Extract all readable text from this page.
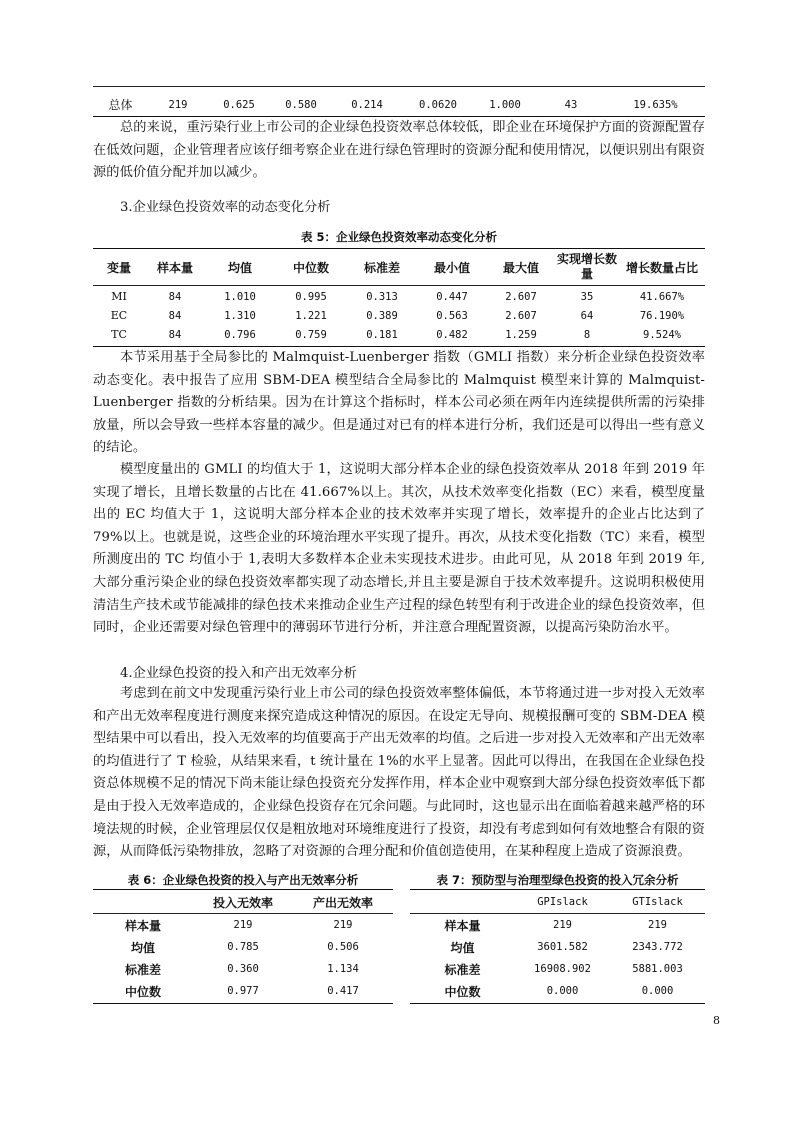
总体	219	0.625	0.580	0.214	0.0620	1.000	43	19.635%

总的来说，重污染行业上市公司的企业绿色投资效率总体较低，即企业在环境保护方面的资源配置存在低效问题，企业管理者应该仔细考察企业在进行绿色管理时的资源分配和使用情况，以便识别出有限资源的低价值分配并加以减少。

3.企业绿色投资效率的动态变化分析
表 5：企业绿色投资效率动态变化分析
变量	样本量	均值	中位数	标准差	最小值	最大值	实现增长数量	增长数量占比
MI	84	1.010	0.995	0.313	0.447	2.607	35	41.667%
EC	84	1.310	1.221	0.389	0.563	2.607	64	76.190%
TC	84	0.796	0.759	0.181	0.482	1.259	8	9.524%

本节采用基于全局参比的 Malmquist-Luenberger 指数（GMLI 指数）来分析企业绿色投资效率动态变化。表中报告了应用 SBM-DEA 模型结合全局参比的 Malmquist 模型来计算的 Malmquist-Luenberger 指数的分析结果。因为在计算这个指标时，样本公司必须在两年内连续提供所需的污染排放量，所以会导致一些样本容量的减少。但是通过对已有的样本进行分析，我们还是可以得出一些有意义的结论。

模型度量出的 GMLI 的均值大于 1，这说明大部分样本企业的绿色投资效率从 2018 年到 2019 年实现了增长，且增长数量的占比在 41.667%以上。其次，从技术效率变化指数（EC）来看，模型度量出的 EC 均值大于 1，这说明大部分样本企业的技术效率并实现了增长，效率提升的企业占比达到了 79%以上。也就是说，这些企业的环境治理水平实现了提升。再次，从技术变化指数（TC）来看，模型所测度出的 TC 均值小于 1,表明大多数样本企业未实现技术进步。由此可见，从 2018 年到 2019 年,大部分重污染企业的绿色投资效率都实现了动态增长,并且主要是源自于技术效率提升。这说明积极使用清洁生产技术或节能减排的绿色技术来推动企业生产过程的绿色转型有利于改进企业的绿色投资效率，但同时，企业还需要对绿色管理中的薄弱环节进行分析，并注意合理配置资源，以提高污染防治水平。

4.企业绿色投资的投入和产出无效率分析

考虑到在前文中发现重污染行业上市公司的绿色投资效率整体偏低，本节将通过进一步对投入无效率和产出无效率程度进行测度来探究造成这种情况的原因。在设定无导向、规模报酬可变的 SBM-DEA 模型结果中可以看出，投入无效率的均值要高于产出无效率的均值。之后进一步对投入无效率和产出无效率的均值进行了 T 检验，从结果来看，t 统计量在 1%的水平上显著。因此可以得出，在我国在企业绿色投资总体规模不足的情况下尚未能让绿色投资充分发挥作用，样本企业中观察到大部分绿色投资效率低下都是由于投入无效率造成的，企业绿色投资存在冗余问题。与此同时，这也显示出在面临着越来越严格的环境法规的时候，企业管理层仅仅是粗放地对环境维度进行了投资，却没有考虑到如何有效地整合有限的资源，从而降低污染物排放，忽略了对资源的合理分配和价值创造使用，在某种程度上造成了资源浪费。

表 6：企业绿色投资的投入与产出无效率分析
	投入无效率	产出无效率
样本量	219	219
均值	0.785	0.506
标准差	0.360	1.134
中位数	0.977	0.417
表 7：预防型与治理型绿色投资的投入冗余分析
	GPIslack	GTIslack
样本量	219	219
均值	3601.582	2343.772
标准差	16908.902	5881.003
中位数	0.000	0.000
8
